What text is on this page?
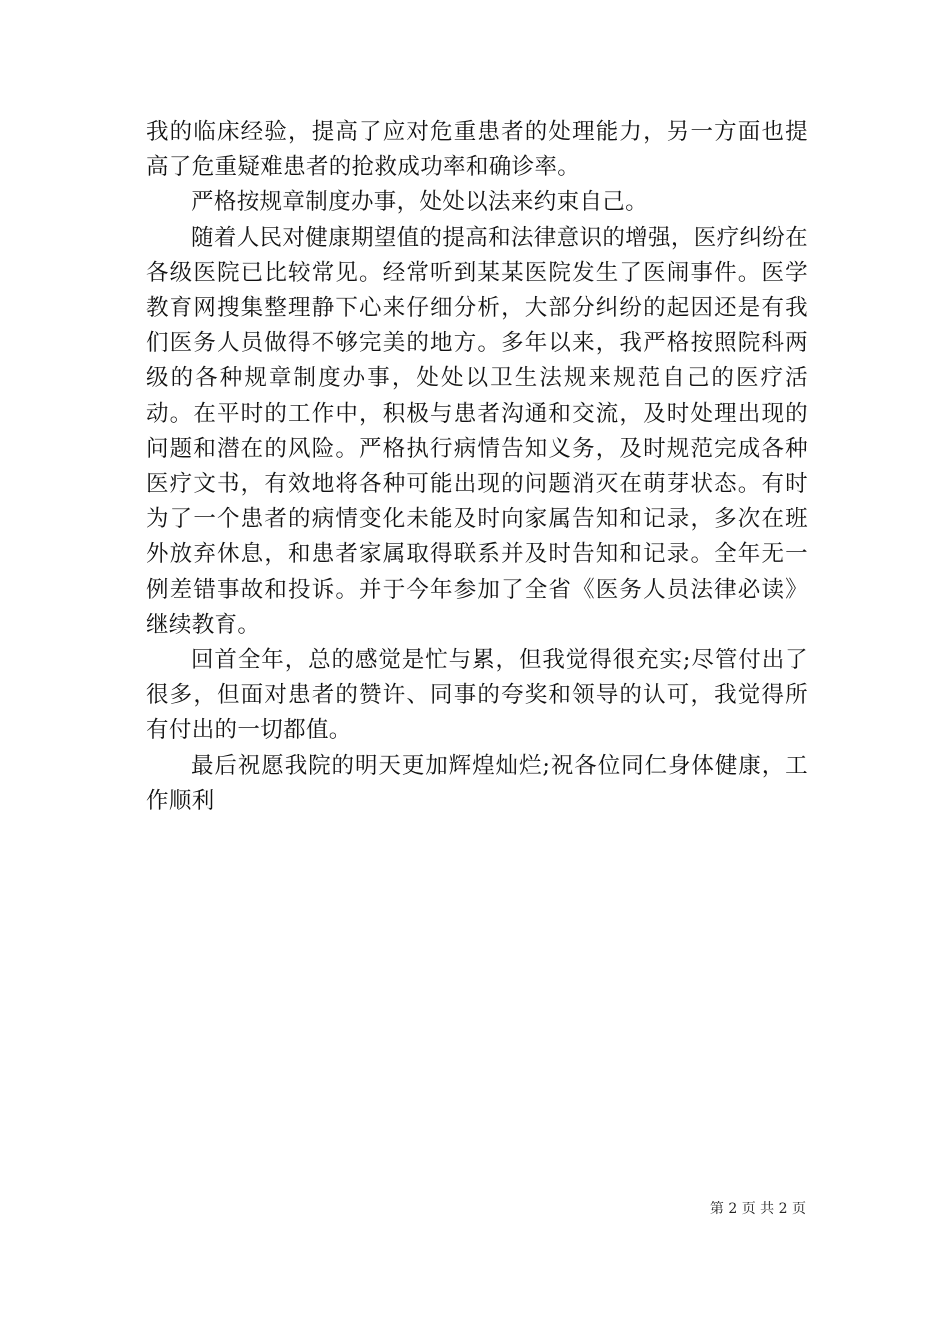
我的临床经验，提高了应对危重患者的处理能力，另一方面也提高了危重疑难患者的抢救成功率和确诊率。

严格按规章制度办事，处处以法来约束自己。

随着人民对健康期望值的提高和法律意识的增强，医疗纠纷在各级医院已比较常见。经常听到某某医院发生了医闹事件。医学教育网搜集整理静下心来仔细分析，大部分纠纷的起因还是有我们医务人员做得不够完美的地方。多年以来，我严格按照院科两级的各种规章制度办事，处处以卫生法规来规范自己的医疗活动。在平时的工作中，积极与患者沟通和交流，及时处理出现的问题和潜在的风险。严格执行病情告知义务，及时规范完成各种医疗文书，有效地将各种可能出现的问题消灭在萌芽状态。有时为了一个患者的病情变化未能及时向家属告知和记录，多次在班外放弃休息，和患者家属取得联系并及时告知和记录。全年无一例差错事故和投诉。并于今年参加了全省《医务人员法律必读》继续教育。

回首全年，总的感觉是忙与累，但我觉得很充实;尽管付出了很多，但面对患者的赞许、同事的夸奖和领导的认可，我觉得所有付出的一切都值。

最后祝愿我院的明天更加辉煌灿烂;祝各位同仁身体健康，工作顺利

第 2 页 共 2 页
